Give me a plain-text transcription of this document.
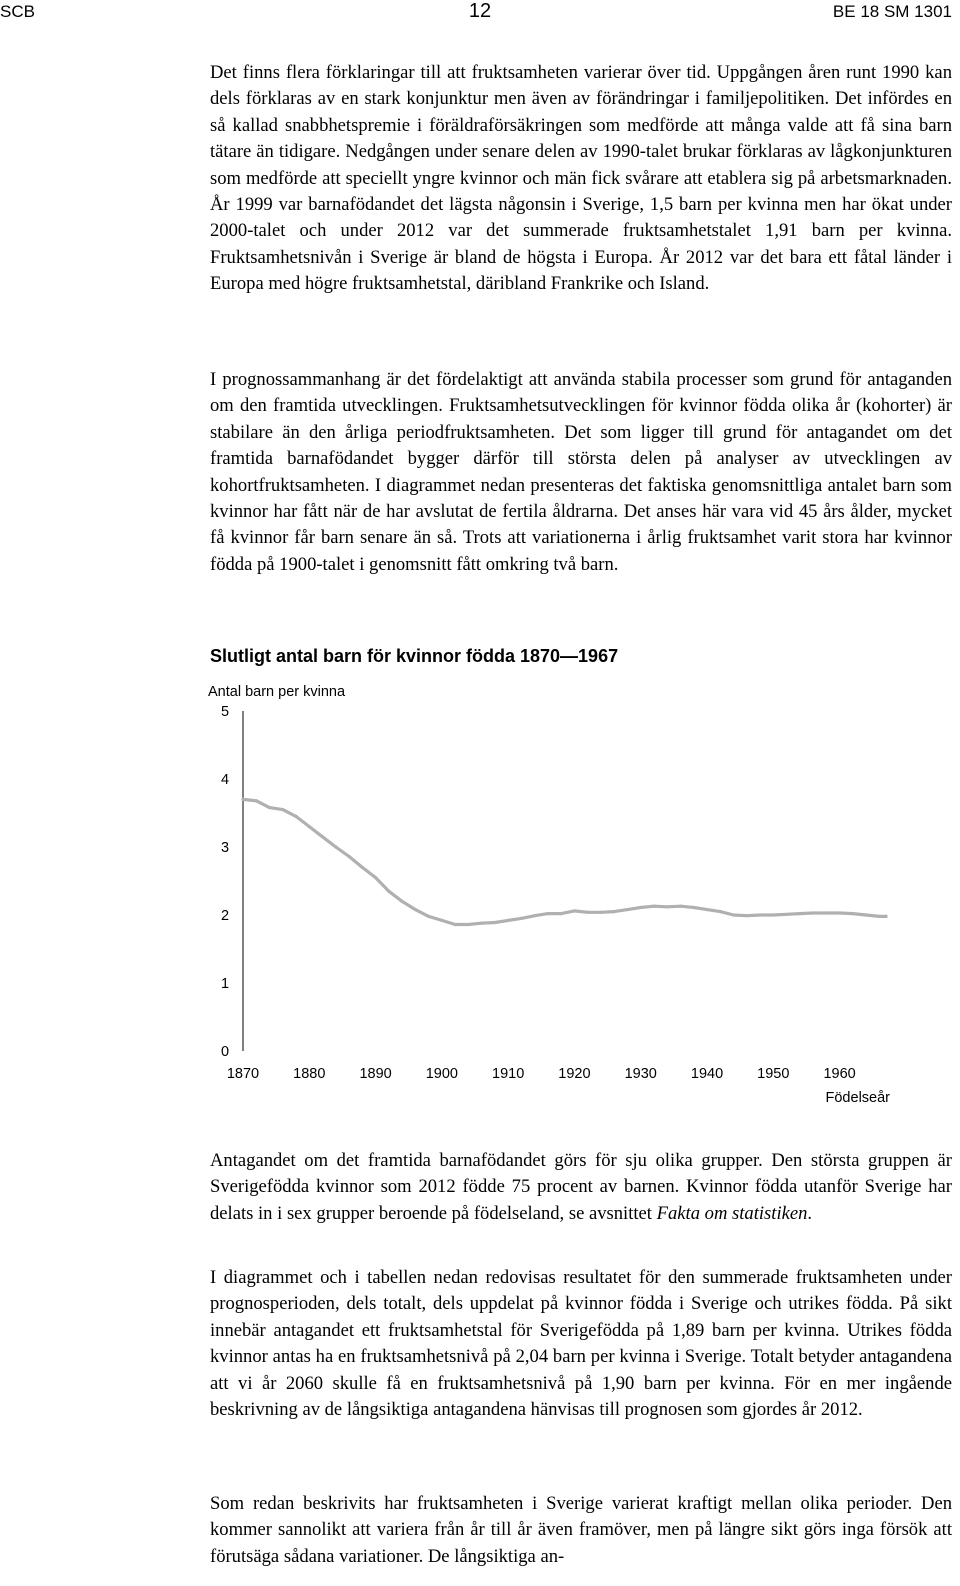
SCB	12	BE 18 SM 1301

Det finns flera förklaringar till att fruktsamheten varierar över tid. Uppgången åren runt 1990 kan dels förklaras av en stark konjunktur men även av förändringar i familjepolitiken. Det infördes en så kallad snabbhetspremie i föräldraförsäkringen som medförde att många valde att få sina barn tätare än tidigare. Nedgången under senare delen av 1990-talet brukar förklaras av lågkonjunkturen som medförde att speciellt yngre kvinnor och män fick svårare att etablera sig på arbetsmarknaden. År 1999 var barnafödandet det lägsta någonsin i Sverige, 1,5 barn per kvinna men har ökat under 2000-talet och under 2012 var det summerade fruktsamhetstalet 1,91 barn per kvinna. Fruktsamhetsnivån i Sverige är bland de högsta i Europa. År 2012 var det bara ett fåtal länder i Europa med högre fruktsamhetstal, däribland Frankrike och Island.

I prognossammanhang är det fördelaktigt att använda stabila processer som grund för antaganden om den framtida utvecklingen. Fruktsamhetsutvecklingen för kvinnor födda olika år (kohorter) är stabilare än den årliga periodfruktsamheten. Det som ligger till grund för antagandet om det framtida barnafödandet bygger därför till största delen på analyser av utvecklingen av kohortfruktsamheten. I diagrammet nedan presenteras det faktiska genomsnittliga antalet barn som kvinnor har fått när de har avslutat de fertila åldrarna. Det anses här vara vid 45 års ålder, mycket få kvinnor får barn senare än så. Trots att variationerna i årlig fruktsamhet varit stora har kvinnor födda på 1900-talet i genomsnitt fått omkring två barn.

Slutligt antal barn för kvinnor födda 1870—1967

Antal barn per kvinna
0
1
2
3
4
5
1870 1880 1890 1900 1910 1920 1930 1940 1950 1960
Födelseår

Antagandet om det framtida barnafödandet görs för sju olika grupper. Den största gruppen är Sverigefödda kvinnor som 2012 födde 75 procent av barnen. Kvinnor födda utanför Sverige har delats in i sex grupper beroende på födelseland, se avsnittet Fakta om statistiken.

I diagrammet och i tabellen nedan redovisas resultatet för den summerade fruktsamheten under prognosperioden, dels totalt, dels uppdelat på kvinnor födda i Sverige och utrikes födda. På sikt innebär antagandet ett fruktsamhetstal för Sverigefödda på 1,89 barn per kvinna. Utrikes födda kvinnor antas ha en fruktsamhetsnivå på 2,04 barn per kvinna i Sverige. Totalt betyder antagandena att vi år 2060 skulle få en fruktsamhetsnivå på 1,90 barn per kvinna. För en mer ingående beskrivning av de långsiktiga antagandena hänvisas till prognosen som gjordes år 2012.

Som redan beskrivits har fruktsamheten i Sverige varierat kraftigt mellan olika perioder. Den kommer sannolikt att variera från år till år även framöver, men på längre sikt görs inga försök att förutsäga sådana variationer. De långsiktiga an-
